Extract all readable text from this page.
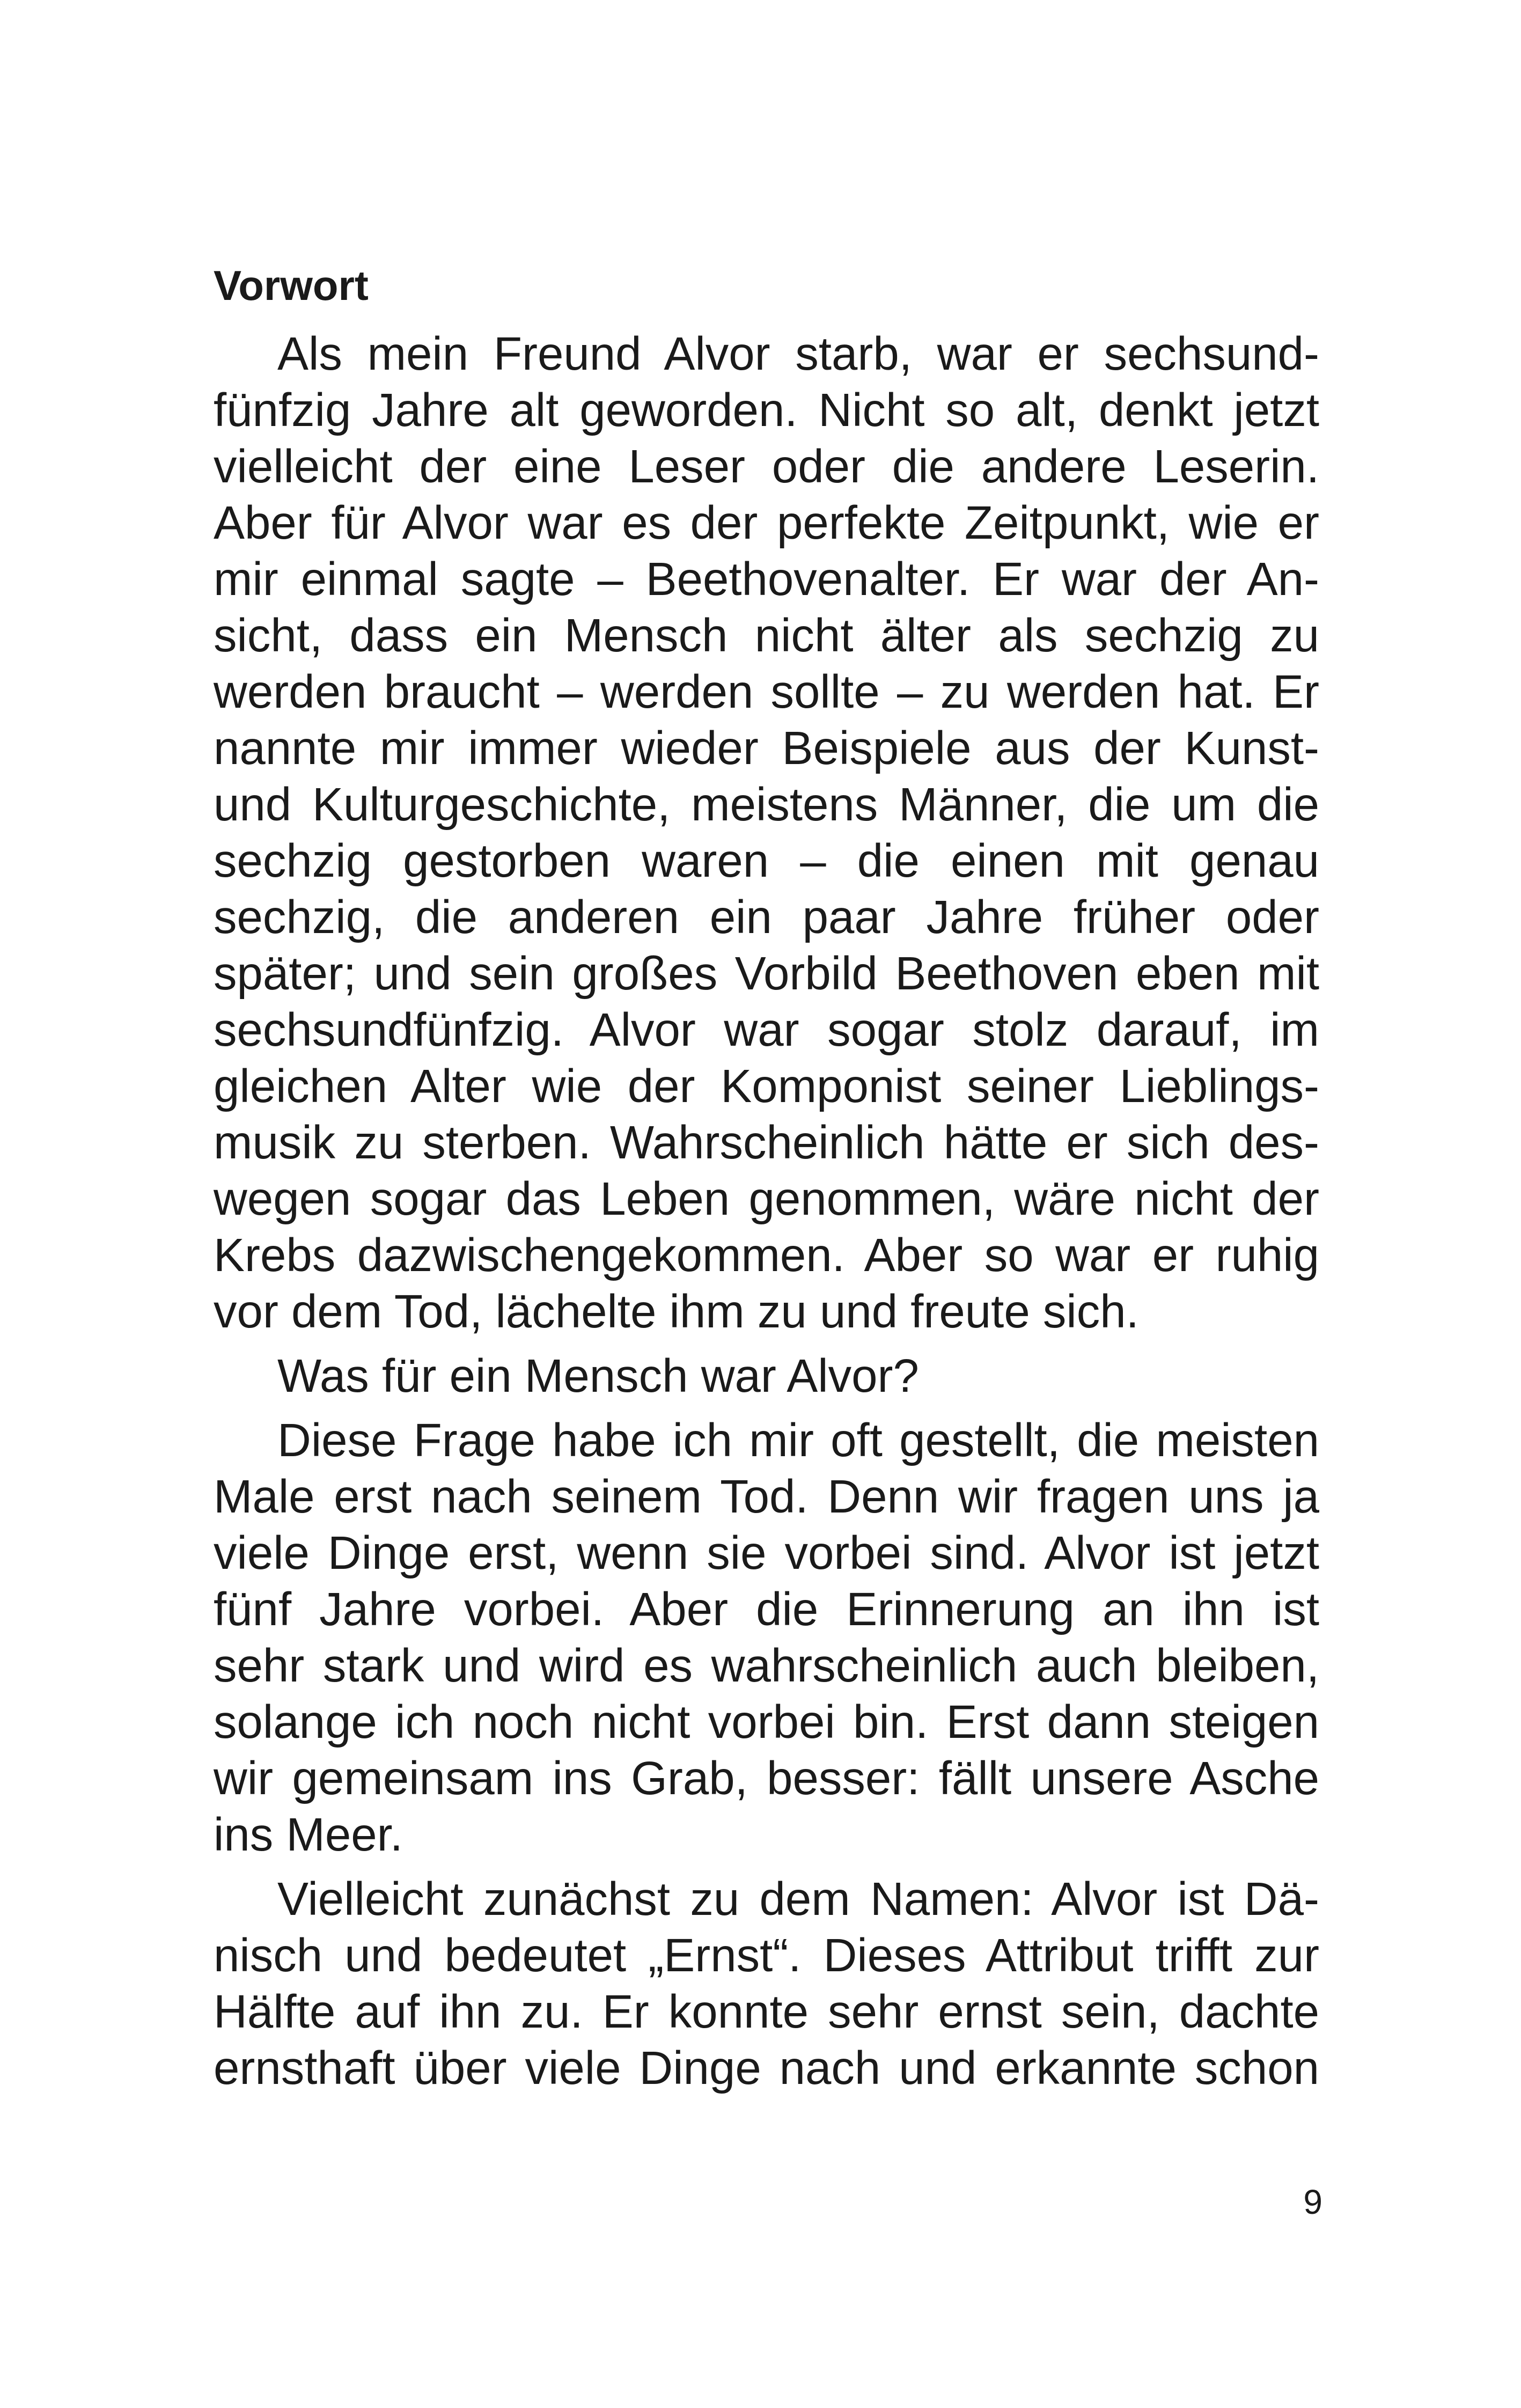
Vorwort
Als mein Freund Alvor starb, war er sechsund-
fünfzig Jahre alt geworden. Nicht so alt, denkt jetzt
vielleicht der eine Leser oder die andere Leserin.
Aber für Alvor war es der perfekte Zeitpunkt, wie er
mir einmal sagte – Beethovenalter. Er war der An-
sicht, dass ein Mensch nicht älter als sechzig zu
werden braucht – werden sollte – zu werden hat. Er
nannte mir immer wieder Beispiele aus der Kunst-
und Kulturgeschichte, meistens Männer, die um die
sechzig gestorben waren – die einen mit genau
sechzig, die anderen ein paar Jahre früher oder
später; und sein großes Vorbild Beethoven eben mit
sechsundfünfzig. Alvor war sogar stolz darauf, im
gleichen Alter wie der Komponist seiner Lieblings-
musik zu sterben. Wahrscheinlich hätte er sich des-
wegen sogar das Leben genommen, wäre nicht der
Krebs dazwischengekommen. Aber so war er ruhig
vor dem Tod, lächelte ihm zu und freute sich.
Was für ein Mensch war Alvor?
Diese Frage habe ich mir oft gestellt, die meisten
Male erst nach seinem Tod. Denn wir fragen uns ja
viele Dinge erst, wenn sie vorbei sind. Alvor ist jetzt
fünf Jahre vorbei. Aber die Erinnerung an ihn ist
sehr stark und wird es wahrscheinlich auch bleiben,
solange ich noch nicht vorbei bin. Erst dann steigen
wir gemeinsam ins Grab, besser: fällt unsere Asche
ins Meer.
Vielleicht zunächst zu dem Namen: Alvor ist Dä-
nisch und bedeutet „Ernst“. Dieses Attribut trifft zur
Hälfte auf ihn zu. Er konnte sehr ernst sein, dachte
ernsthaft über viele Dinge nach und erkannte schon
9
